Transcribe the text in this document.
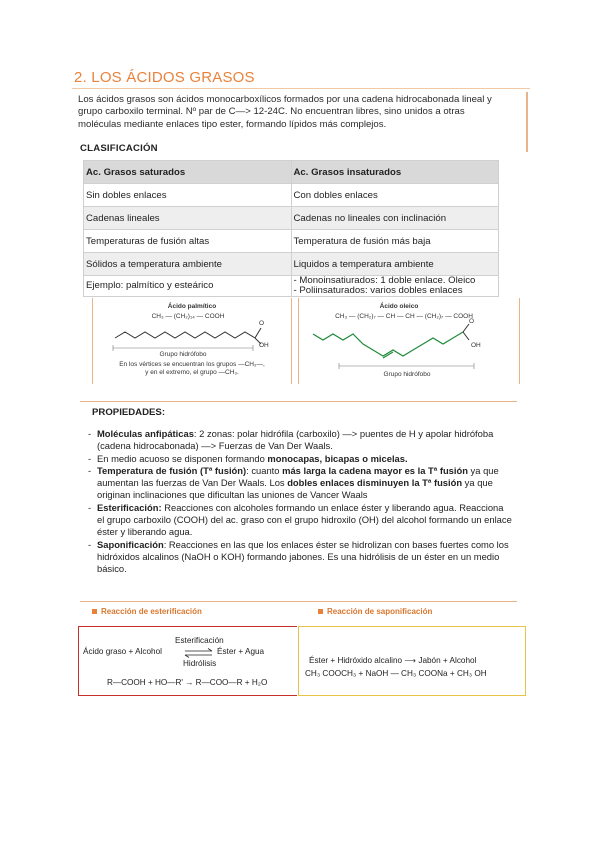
2. LOS ÁCIDOS GRASOS
Los ácidos grasos son ácidos monocarboxílicos formados por una cadena hidrocabonada lineal y
grupo carboxilo terminal. Nº par de C—> 12-24C. No encuentran libres, sino unidos a otras
moléculas mediante enlaces tipo ester, formando lípidos más complejos.
CLASIFICACIÓN
Ac. Grasos saturados	Ac. Grasos insaturados
Sin dobles enlaces	Con dobles enlaces
Cadenas lineales	Cadenas no lineales con inclinación
Temperaturas de fusión altas	Temperatura de fusión más baja
Sólidos a temperatura ambiente	Liquidos a temperatura ambiente
Ejemplo: palmítico y esteárico	- Monoinsatiurados: 1 doble enlace. Oleico
- Poliinsaturados: varios dobles enlaces
Ácido palmítico
CH₃ — (CH₂)₁₄ — COOH
O
OH
Grupo hidrófobo
En los vértices se encuentran los grupos —CH₂—,
y en el extremo, el grupo —CH₃.
Ácido oleico
CH₃ — (CH₂)₇ — CH — CH — (CH₂)₇ — COOH
O
OH
Grupo hidrófobo
PROPIEDADES:
- Moléculas anfipáticas: 2 zonas: polar hidrófila (carboxilo) —> puentes de H y apolar hidrófoba (cadena hidrocabonada) —> Fuerzas de Van Der Waals.
- En medio acuoso se disponen formando monocapas, bicapas o micelas.
- Temperatura de fusión (Tª fusión): cuanto más larga la cadena mayor es la Tª fusión ya que aumentan las fuerzas de Van Der Waals. Los dobles enlaces disminuyen la Tª fusión ya que originan inclinaciones que dificultan las uniones de Vancer Waals
- Esterificación: Reacciones con alcoholes formando un enlace éster y liberando agua. Reacciona el grupo carboxilo (COOH) del ac. graso con el grupo hidroxilo (OH) del alcohol formando un enlace éster y liberando agua.
- Saponificación: Reacciones en las que los enlaces éster se hidrolizan con bases fuertes como los hidróxidos alcalinos (NaOH o KOH) formando jabones. Es una hidrólisis de un éster en un medio básico.
Reacción de esterificación	Reacción de saponificación
Esterificación
Ácido graso + Alcohol ⇌ Éster + Agua
Hidrólisis
R—COOH + HO—R' → R—COO—R + H₂O
Éster + Hidróxido alcalino ⟶ Jabón + Alcohol
CH₃ COOCH₃ + NaOH — CH₃ COONa + CH₃ OH
